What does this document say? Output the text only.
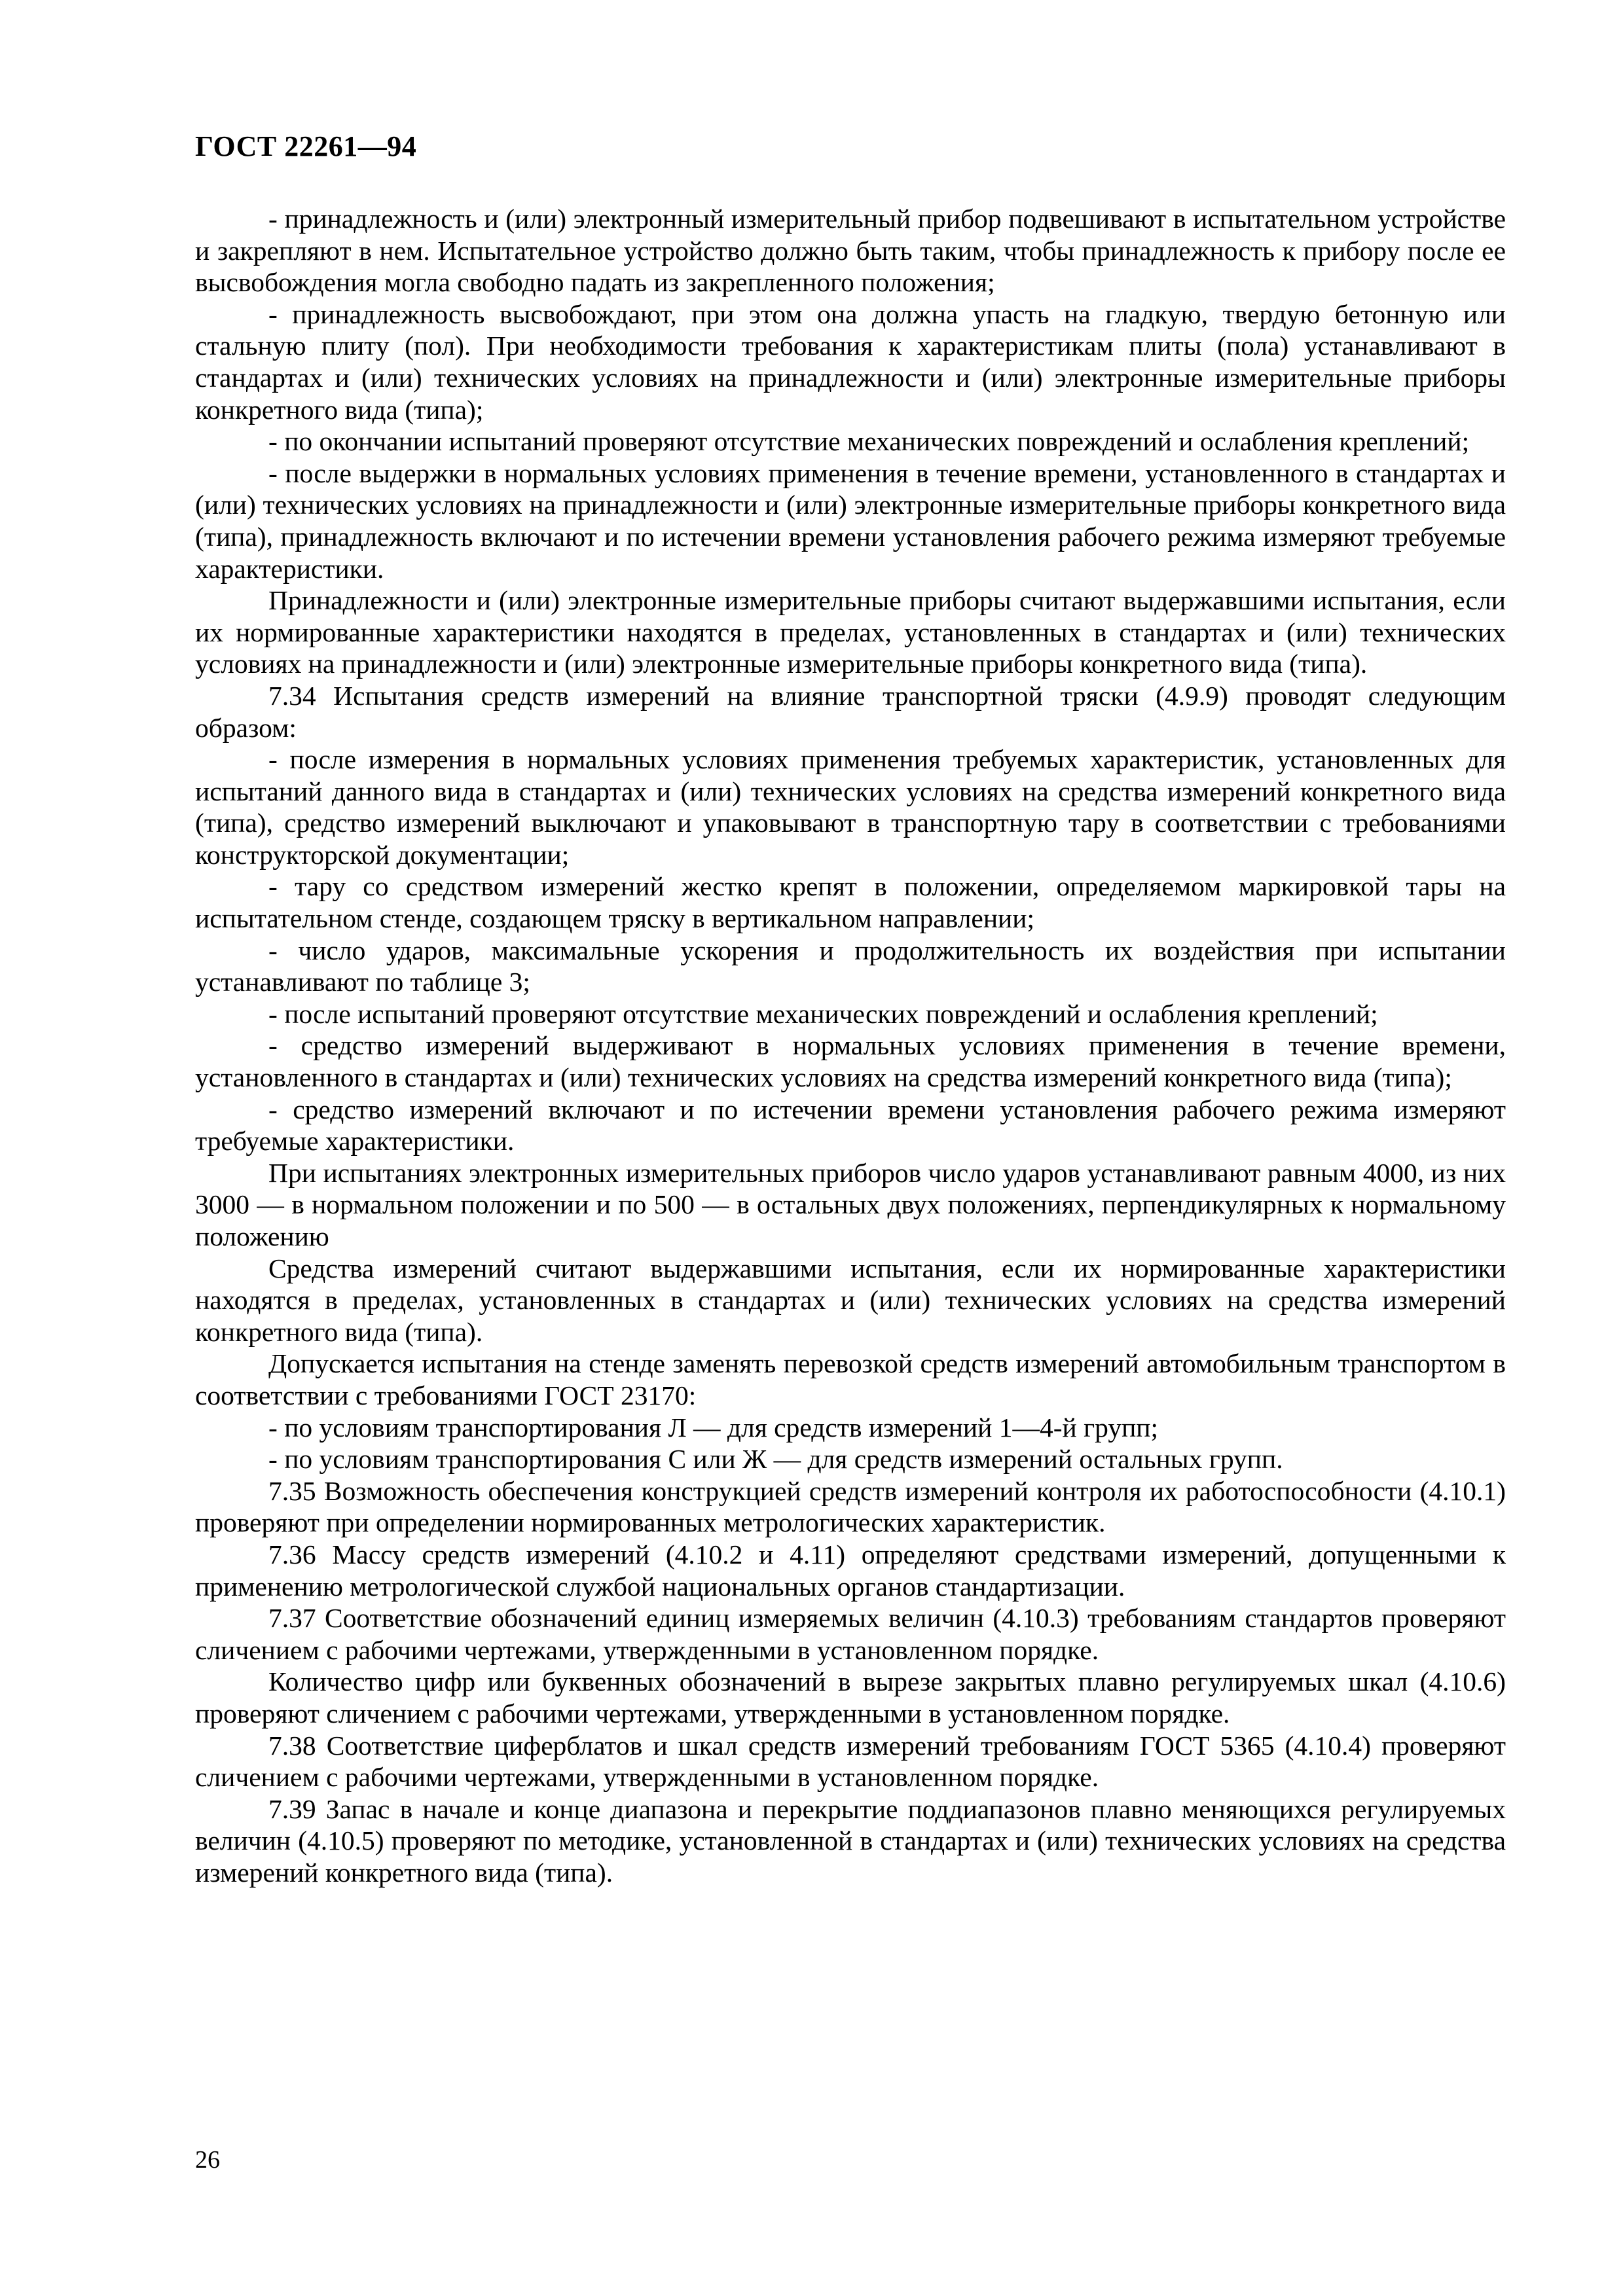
ГОСТ 22261—94

- принадлежность и (или) электронный измерительный прибор подвешивают в испытательном устройстве и закрепляют в нем. Испытательное устройство должно быть таким, чтобы принадлежность к прибору после ее высвобождения могла свободно падать из закрепленного положения;

- принадлежность высвобождают, при этом она должна упасть на гладкую, твердую бетонную или стальную плиту (пол). При необходимости требования к характеристикам плиты (пола) устанавливают в стандартах и (или) технических условиях на принадлежности и (или) электронные измерительные приборы конкретного вида (типа);

- по окончании испытаний проверяют отсутствие механических повреждений и ослабления креплений;

- после выдержки в нормальных условиях применения в течение времени, установленного в стандартах и (или) технических условиях на принадлежности и (или) электронные измерительные приборы конкретного вида (типа), принадлежность включают и по истечении времени установления рабочего режима измеряют требуемые характеристики.

Принадлежности и (или) электронные измерительные приборы считают выдержавшими испытания, если их нормированные характеристики находятся в пределах, установленных в стандартах и (или) технических условиях на принадлежности и (или) электронные измерительные приборы конкретного вида (типа).

7.34 Испытания средств измерений на влияние транспортной тряски (4.9.9) проводят следующим образом:

- после измерения в нормальных условиях применения требуемых характеристик, установленных для испытаний данного вида в стандартах и (или) технических условиях на средства измерений конкретного вида (типа), средство измерений выключают и упаковывают в транспортную тару в соответствии с требованиями конструкторской документации;

- тару со средством измерений жестко крепят в положении, определяемом маркировкой тары на испытательном стенде, создающем тряску в вертикальном направлении;

- число ударов, максимальные ускорения и продолжительность их воздействия при испытании устанавливают по таблице 3;

- после испытаний проверяют отсутствие механических повреждений и ослабления креплений;

- средство измерений выдерживают в нормальных условиях применения в течение времени, установленного в стандартах и (или) технических условиях на средства измерений конкретного вида (типа);

- средство измерений включают и по истечении времени установления рабочего режима измеряют требуемые характеристики.

При испытаниях электронных измерительных приборов число ударов устанавливают равным 4000, из них 3000 — в нормальном положении и по 500 — в остальных двух положениях, перпендикулярных к нормальному положению

Средства измерений считают выдержавшими испытания, если их нормированные характеристики находятся в пределах, установленных в стандартах и (или) технических условиях на средства измерений конкретного вида (типа).

Допускается испытания на стенде заменять перевозкой средств измерений автомобильным транспортом в соответствии с требованиями ГОСТ 23170:

- по условиям транспортирования Л — для средств измерений 1—4-й групп;

- по условиям транспортирования С или Ж — для средств измерений остальных групп.

7.35 Возможность обеспечения конструкцией средств измерений контроля их работоспособности (4.10.1) проверяют при определении нормированных метрологических характеристик.

7.36 Массу средств измерений (4.10.2 и 4.11) определяют средствами измерений, допущенными к применению метрологической службой национальных органов стандартизации.

7.37 Соответствие обозначений единиц измеряемых величин (4.10.3) требованиям стандартов проверяют сличением с рабочими чертежами, утвержденными в установленном порядке.

Количество цифр или буквенных обозначений в вырезе закрытых плавно регулируемых шкал (4.10.6) проверяют сличением с рабочими чертежами, утвержденными в установленном порядке.

7.38 Соответствие циферблатов и шкал средств измерений требованиям ГОСТ 5365 (4.10.4) проверяют сличением с рабочими чертежами, утвержденными в установленном порядке.

7.39 Запас в начале и конце диапазона и перекрытие поддиапазонов плавно меняющихся регулируемых величин (4.10.5) проверяют по методике, установленной в стандартах и (или) технических условиях на средства измерений конкретного вида (типа).

26
